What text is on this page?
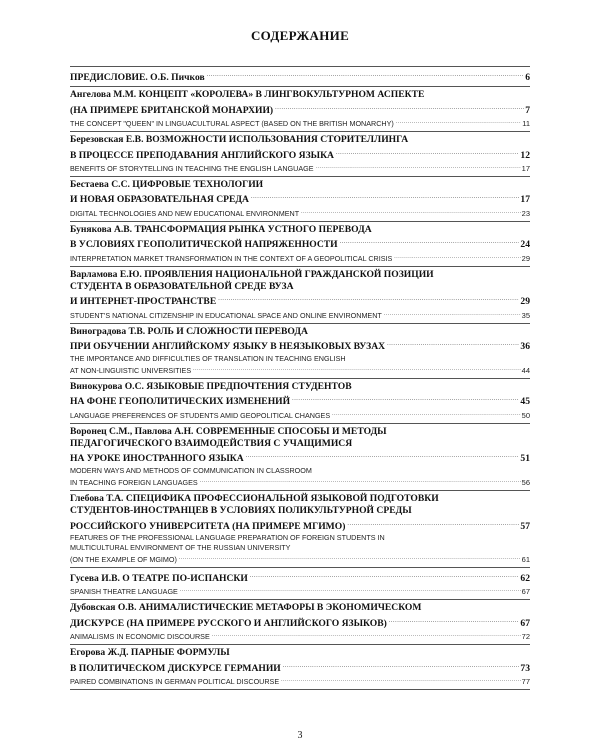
СОДЕРЖАНИЕ
ПРЕДИСЛОВИЕ. О.Б. Пичков .....	6
Ангелова М.М. КОНЦЕПТ «КОРОЛЕВА» В ЛИНГВОКУЛЬТУРНОМ АСПЕКТЕ
(НА ПРИМЕРЕ БРИТАНСКОЙ МОНАРХИИ) .....	7
THE CONCEPT "QUEEN" IN LINGUACULTURAL ASPECT (BASED ON THE BRITISH MONARCHY) .....	11
Березовская Е.В. ВОЗМОЖНОСТИ ИСПОЛЬЗОВАНИЯ СТОРИТЕЛЛИНГА
В ПРОЦЕССЕ ПРЕПОДАВАНИЯ АНГЛИЙСКОГО ЯЗЫКА .....	12
BENEFITS OF STORYTELLING IN TEACHING THE ENGLISH LANGUAGE .....	17
Бестаева С.С. ЦИФРОВЫЕ ТЕХНОЛОГИИ
И НОВАЯ ОБРАЗОВАТЕЛЬНАЯ СРЕДА .....	17
DIGITAL TECHNOLOGIES AND NEW EDUCATIONAL ENVIRONMENT .....	23
Бунякова А.В. ТРАНСФОРМАЦИЯ РЫНКА УСТНОГО ПЕРЕВОДА
В УСЛОВИЯХ ГЕОПОЛИТИЧЕСКОЙ НАПРЯЖЕННОСТИ .....	24
INTERPRETATION MARKET TRANSFORMATION IN THE CONTEXT OF A GEOPOLITICAL CRISIS .....	29
Варламова Е.Ю. ПРОЯВЛЕНИЯ НАЦИОНАЛЬНОЙ ГРАЖДАНСКОЙ ПОЗИЦИИ
СТУДЕНТА В ОБРАЗОВАТЕЛЬНОЙ СРЕДЕ ВУЗА
И ИНТЕРНЕТ-ПРОСТРАНСТВЕ .....	29
STUDENT'S NATIONAL CITIZENSHIP IN EDUCATIONAL SPACE AND ONLINE ENVIRONMENT .....	35
Виноградова Т.В. РОЛЬ И СЛОЖНОСТИ ПЕРЕВОДА
ПРИ ОБУЧЕНИИ АНГЛИЙСКОМУ ЯЗЫКУ В НЕЯЗЫКОВЫХ ВУЗАХ .....	36
THE IMPORTANCE AND DIFFICULTIES OF TRANSLATION IN TEACHING ENGLISH
AT NON-LINGUISTIC UNIVERSITIES .....	44
Винокурова О.С. ЯЗЫКОВЫЕ ПРЕДПОЧТЕНИЯ СТУДЕНТОВ
НА ФОНЕ ГЕОПОЛИТИЧЕСКИХ ИЗМЕНЕНИЙ .....	45
LANGUAGE PREFERENCES OF STUDENTS AMID GEOPOLITICAL CHANGES .....	50
Воронец С.М., Павлова А.Н. СОВРЕМЕННЫЕ СПОСОБЫ И МЕТОДЫ
ПЕДАГОГИЧЕСКОГО ВЗАИМОДЕЙСТВИЯ С УЧАЩИМИСЯ
НА УРОКЕ ИНОСТРАННОГО ЯЗЫКА .....	51
MODERN WAYS AND METHODS OF COMMUNICATION IN CLASSROOM
IN TEACHING FOREIGN LANGUAGES .....	56
Глебова Т.А. СПЕЦИФИКА ПРОФЕССИОНАЛЬНОЙ ЯЗЫКОВОЙ ПОДГОТОВКИ
СТУДЕНТОВ-ИНОСТРАНЦЕВ В УСЛОВИЯХ ПОЛИКУЛЬТУРНОЙ СРЕДЫ
РОССИЙСКОГО УНИВЕРСИТЕТА (НА ПРИМЕРЕ МГИМО) .....	57
FEATURES OF THE PROFESSIONAL LANGUAGE PREPARATION OF FOREIGN STUDENTS IN
MULTICULTURAL ENVIRONMENT OF THE RUSSIAN UNIVERSITY
(ON THE EXAMPLE OF MGIMO) .....	61
Гусева И.В. О ТЕАТРЕ ПО-ИСПАНСКИ .....	62
SPANISH THEATRE LANGUAGE .....	67
Дубовская О.В. АНИМАЛИСТИЧЕСКИЕ МЕТАФОРЫ В ЭКОНОМИЧЕСКОМ
ДИСКУРСЕ (НА ПРИМЕРЕ РУССКОГО И АНГЛИЙСКОГО ЯЗЫКОВ) .....	67
ANIMALISMS IN ECONOMIC DISCOURSE .....	72
Егорова Ж.Д. ПАРНЫЕ ФОРМУЛЫ
В ПОЛИТИЧЕСКОМ ДИСКУРСЕ ГЕРМАНИИ .....	73
PAIRED COMBINATIONS IN GERMAN POLITICAL DISCOURSE .....	77
3
